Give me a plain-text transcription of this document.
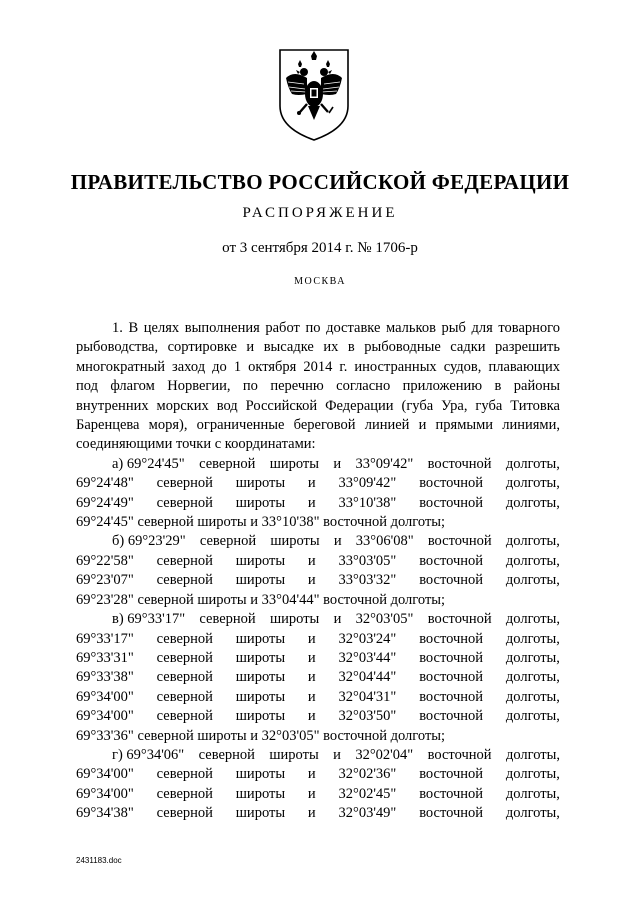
ПРАВИТЕЛЬСТВО РОССИЙСКОЙ ФЕДЕРАЦИИ
РАСПОРЯЖЕНИЕ
от 3 сентября 2014 г. № 1706-р
МОСКВА
1. В целях выполнения работ по доставке мальков рыб для товарного
рыбоводства, сортировке и высадке их в рыбоводные садки разрешить
многократный заход до 1 октября 2014 г. иностранных судов, плавающих
под флагом Норвегии, по перечню согласно приложению в районы
внутренних морских вод Российской Федерации (губа Ура, губа Титовка
Баренцева моря), ограниченные береговой линией и прямыми линиями,
соединяющими точки с координатами:
а) 69°24'45" северной широты и 33°09'42" восточной долготы,
69°24'48" северной широты и 33°09'42" восточной долготы,
69°24'49" северной широты и 33°10'38" восточной долготы,
69°24'45" северной широты и 33°10'38" восточной долготы;
б) 69°23'29" северной широты и 33°06'08" восточной долготы,
69°22'58" северной широты и 33°03'05" восточной долготы,
69°23'07" северной широты и 33°03'32" восточной долготы,
69°23'28" северной широты и 33°04'44" восточной долготы;
в) 69°33'17" северной широты и 32°03'05" восточной долготы,
69°33'17" северной широты и 32°03'24" восточной долготы,
69°33'31" северной широты и 32°03'44" восточной долготы,
69°33'38" северной широты и 32°04'44" восточной долготы,
69°34'00" северной широты и 32°04'31" восточной долготы,
69°34'00" северной широты и 32°03'50" восточной долготы,
69°33'36" северной широты и 32°03'05" восточной долготы;
г) 69°34'06" северной широты и 32°02'04" восточной долготы,
69°34'00" северной широты и 32°02'36" восточной долготы,
69°34'00" северной широты и 32°02'45" восточной долготы,
69°34'38" северной широты и 32°03'49" восточной долготы,
2431183.doc
